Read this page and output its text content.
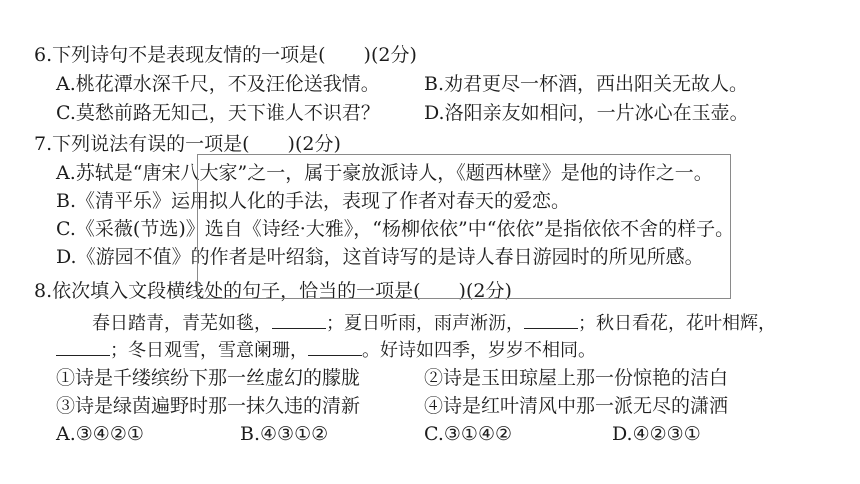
6.下列诗句不是表现友情的一项是(　　)(2分)
A.桃花潭水深千尺，不及汪伦送我情。 B.劝君更尽一杯酒，西出阳关无故人。
C.莫愁前路无知己，天下谁人不识君？ D.洛阳亲友如相问，一片冰心在玉壶。
7.下列说法有误的一项是(　　)(2分)
A.苏轼是“唐宋八大家”之一，属于豪放派诗人，《题西林壁》是他的诗作之一。
B.《清平乐》运用拟人化的手法，表现了作者对春天的爱恋。
C.《采薇(节选)》选自《诗经·大雅》，“杨柳依依”中“依依”是指依依不舍的样子。
D.《游园不值》的作者是叶绍翁，这首诗写的是诗人春日游园时的所见所感。
8.依次填入文段横线处的句子，恰当的一项是(　　)(2分)
春日踏青，青芜如毯，	；夏日听雨，雨声淅沥，	；秋日看花，花叶相辉，
；冬日观雪，雪意阑珊，	。好诗如四季，岁岁不相同。
①诗是千缕缤纷下那一丝虚幻的朦胧	②诗是玉田琼屋上那一份惊艳的洁白
③诗是绿茵遍野时那一抹久违的清新	④诗是红叶清风中那一派无尽的潇洒
A.③④②①	B.④③①②	C.③①④②	D.④②③①
